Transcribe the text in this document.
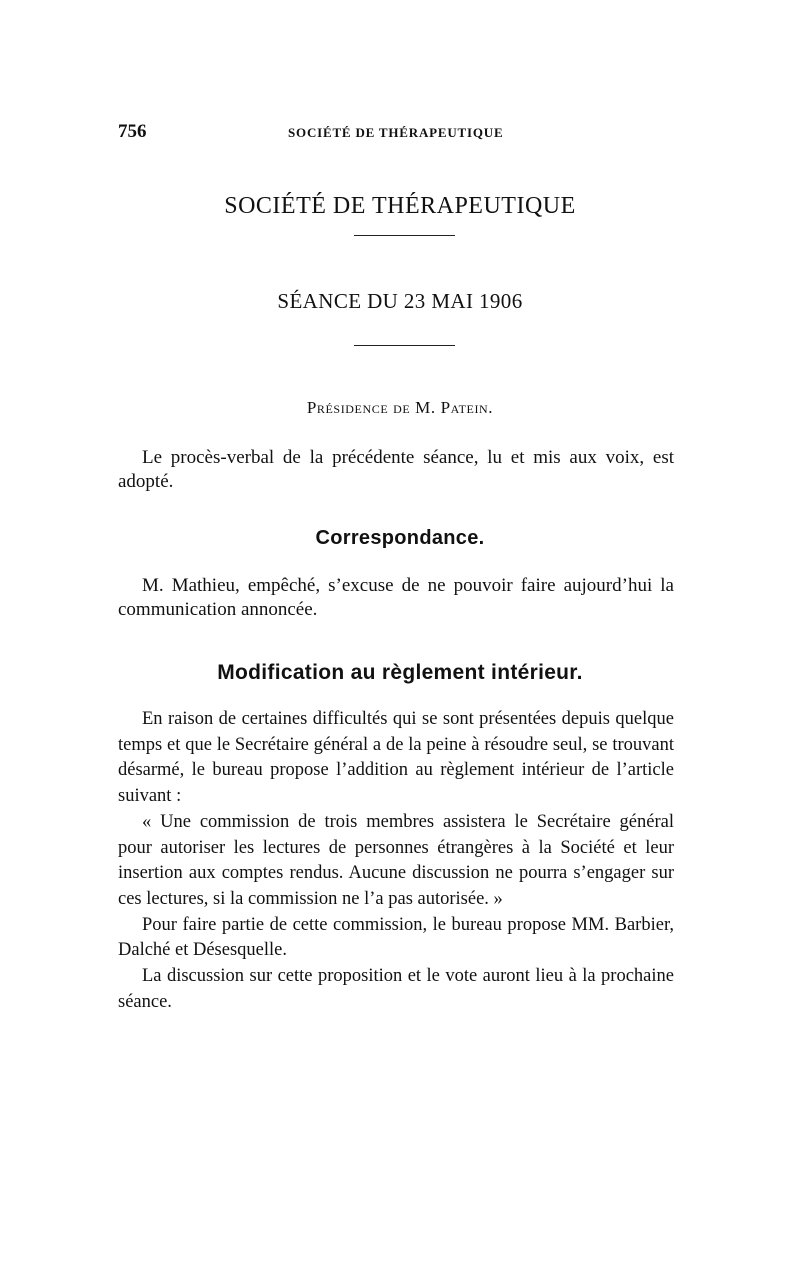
756	SOCIÉTÉ DE THÉRAPEUTIQUE
SOCIÉTÉ DE THÉRAPEUTIQUE
SÉANCE DU 23 MAI 1906
Présidence de M. Patein.
Le procès-verbal de la précédente séance, lu et mis aux voix, est adopté.
Correspondance.
M. Mathieu, empêché, s’excuse de ne pouvoir faire aujourd’hui la communication annoncée.
Modification au règlement intérieur.
En raison de certaines difficultés qui se sont présentées depuis quelque temps et que le Secrétaire général a de la peine à résoudre seul, se trouvant désarmé, le bureau propose l’addition au règlement intérieur de l’article suivant :
« Une commission de trois membres assistera le Secrétaire général pour autoriser les lectures de personnes étrangères à la Société et leur insertion aux comptes rendus. Aucune discussion ne pourra s’engager sur ces lectures, si la commission ne l’a pas autorisée. »
Pour faire partie de cette commission, le bureau propose MM. Barbier, Dalché et Désesquelle.
La discussion sur cette proposition et le vote auront lieu à la prochaine séance.
